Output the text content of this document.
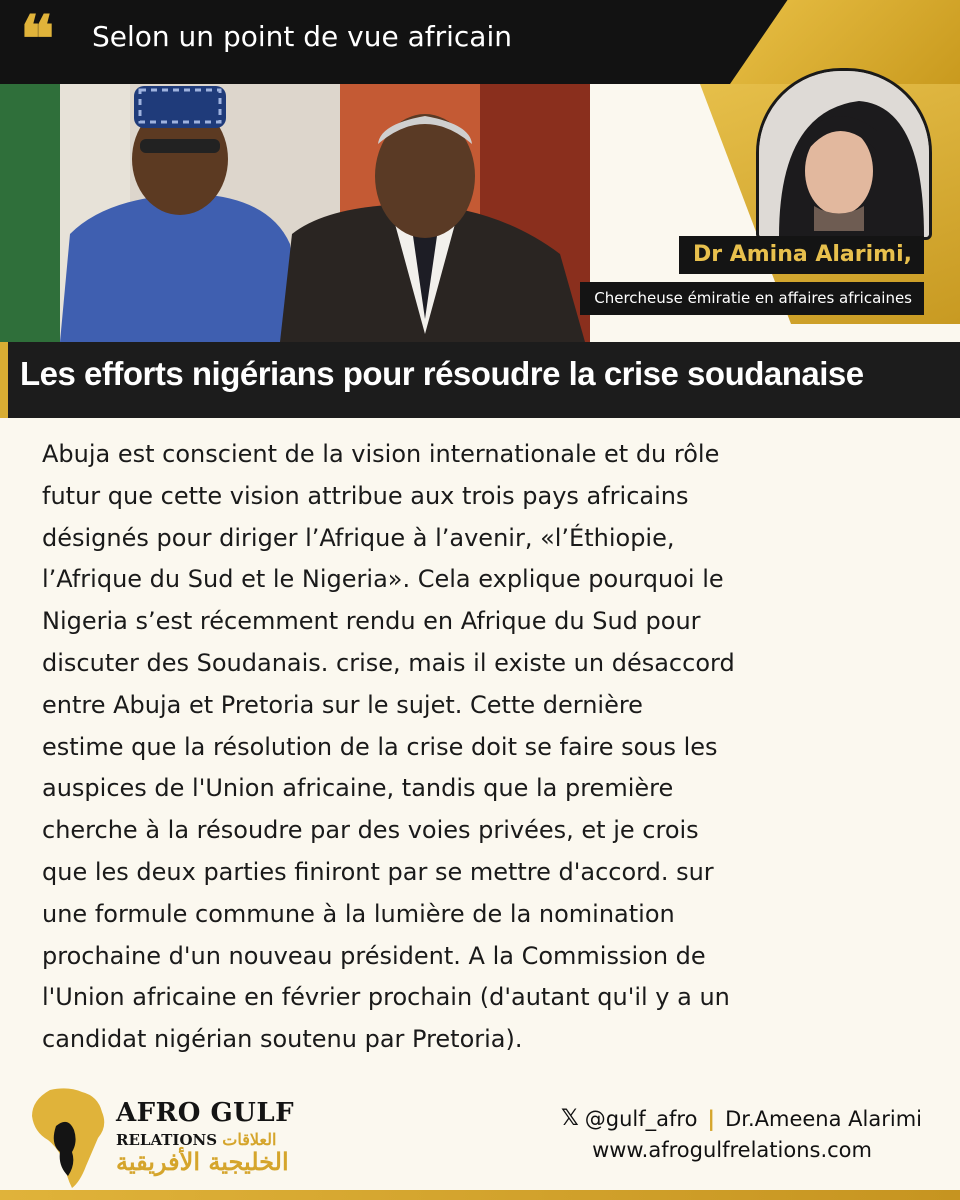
❝ Selon un point de vue africain
Dr Amina Alarimi,
Chercheuse émiratie en affaires africaines
Les efforts nigérians pour résoudre la crise soudanaise
Abuja est conscient de la vision internationale et du rôle
futur que cette vision attribue aux trois pays africains
désignés pour diriger l’Afrique à l’avenir, «l’Éthiopie,
l’Afrique du Sud et le Nigeria». Cela explique pourquoi le
Nigeria s’est récemment rendu en Afrique du Sud pour
discuter des Soudanais. crise, mais il existe un désaccord
entre Abuja et Pretoria sur le sujet. Cette dernière
estime que la résolution de la crise doit se faire sous les
auspices de l'Union africaine, tandis que la première
cherche à la résoudre par des voies privées, et je crois
que les deux parties finiront par se mettre d'accord. sur
une formule commune à la lumière de la nomination
prochaine d'un nouveau président. A la Commission de
l'Union africaine en février prochain (d'autant qu'il y a un
candidat nigérian soutenu par Pretoria).
AFRO GULF
RELATIONS العلاقات
الخليجية الأفريقية
𝕏 @gulf_afro | Dr.Ameena Alarimi
www.afrogulfrelations.com
